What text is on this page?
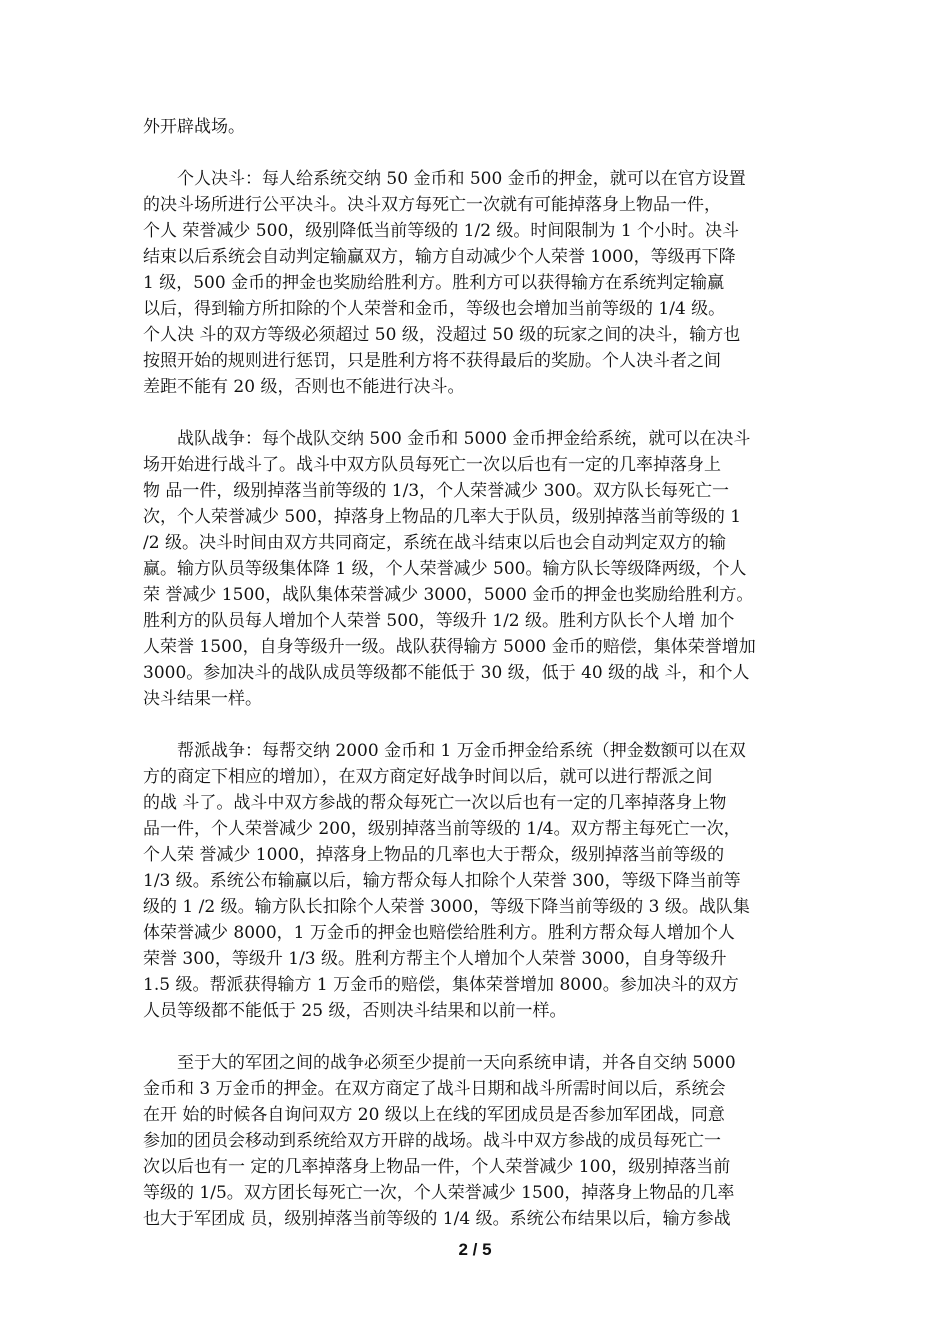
外开辟战场。
　　个人决斗：每人给系统交纳 50 金币和 500 金币的押金，就可以在官方设置
的决斗场所进行公平决斗。决斗双方每死亡一次就有可能掉落身上物品一件，
个人 荣誉减少 500，级别降低当前等级的 1/2 级。时间限制为 1 个小时。决斗
结束以后系统会自动判定输赢双方，输方自动减少个人荣誉 1000，等级再下降
1 级，500 金币的押金也奖励给胜利方。胜利方可以获得输方在系统判定输赢
以后，得到输方所扣除的个人荣誉和金币，等级也会增加当前等级的 1/4 级。
个人决 斗的双方等级必须超过 50 级，没超过 50 级的玩家之间的决斗，输方也
按照开始的规则进行惩罚，只是胜利方将不获得最后的奖励。个人决斗者之间
差距不能有 20 级，否则也不能进行决斗。
　　战队战争：每个战队交纳 500 金币和 5000 金币押金给系统，就可以在决斗
场开始进行战斗了。战斗中双方队员每死亡一次以后也有一定的几率掉落身上
物 品一件，级别掉落当前等级的 1/3，个人荣誉减少 300。双方队长每死亡一
次，个人荣誉减少 500，掉落身上物品的几率大于队员，级别掉落当前等级的 1
/2 级。决斗时间由双方共同商定，系统在战斗结束以后也会自动判定双方的输
赢。输方队员等级集体降 1 级，个人荣誉减少 500。输方队长等级降两级，个人
荣 誉减少 1500，战队集体荣誉减少 3000，5000 金币的押金也奖励给胜利方。
胜利方的队员每人增加个人荣誉 500，等级升 1/2 级。胜利方队长个人增 加个
人荣誉 1500，自身等级升一级。战队获得输方 5000 金币的赔偿，集体荣誉增加
3000。参加决斗的战队成员等级都不能低于 30 级，低于 40 级的战 斗，和个人
决斗结果一样。
　　帮派战争：每帮交纳 2000 金币和 1 万金币押金给系统（押金数额可以在双
方的商定下相应的增加），在双方商定好战争时间以后，就可以进行帮派之间
的战 斗了。战斗中双方参战的帮众每死亡一次以后也有一定的几率掉落身上物
品一件，个人荣誉减少 200，级别掉落当前等级的 1/4。双方帮主每死亡一次，
个人荣 誉减少 1000，掉落身上物品的几率也大于帮众，级别掉落当前等级的
1/3 级。系统公布输赢以后，输方帮众每人扣除个人荣誉 300，等级下降当前等
级的 1 /2 级。输方队长扣除个人荣誉 3000，等级下降当前等级的 3 级。战队集
体荣誉减少 8000，1 万金币的押金也赔偿给胜利方。胜利方帮众每人增加个人
荣誉 300，等级升 1/3 级。胜利方帮主个人增加个人荣誉 3000，自身等级升
1.5 级。帮派获得输方 1 万金币的赔偿，集体荣誉增加 8000。参加决斗的双方
人员等级都不能低于 25 级，否则决斗结果和以前一样。
　　至于大的军团之间的战争必须至少提前一天向系统申请，并各自交纳 5000
金币和 3 万金币的押金。在双方商定了战斗日期和战斗所需时间以后，系统会
在开 始的时候各自询问双方 20 级以上在线的军团成员是否参加军团战，同意
参加的团员会移动到系统给双方开辟的战场。战斗中双方参战的成员每死亡一
次以后也有一 定的几率掉落身上物品一件，个人荣誉减少 100，级别掉落当前
等级的 1/5。双方团长每死亡一次，个人荣誉减少 1500，掉落身上物品的几率
也大于军团成 员，级别掉落当前等级的 1/4 级。系统公布结果以后，输方参战
2 / 5
